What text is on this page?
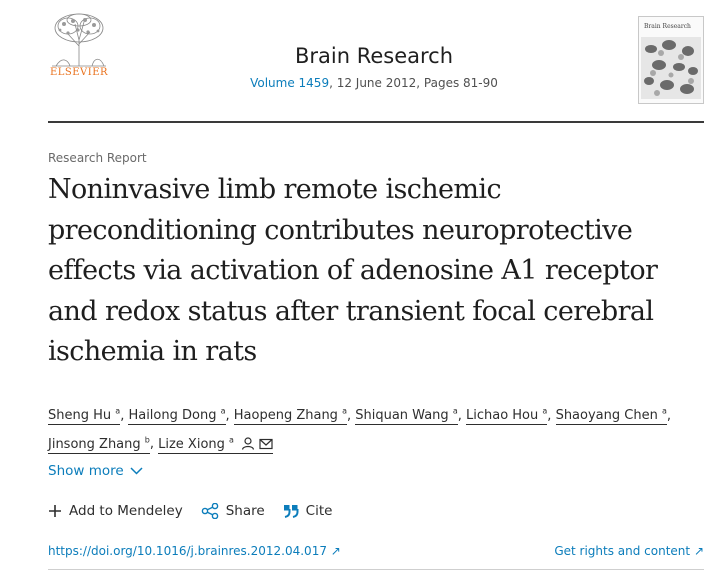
ELSEVIER
Brain Research
Volume 1459, 12 June 2012, Pages 81-90
Brain Research
Research Report
Noninvasive limb remote ischemic preconditioning contributes neuroprotective effects via activation of adenosine A1 receptor and redox status after transient focal cerebral ischemia in rats
Sheng Hu $^a$, Hailong Dong $^a$, Haopeng Zhang $^a$, Shiquan Wang $^a$, Lichao Hou $^a$, Shaoyang Chen $^a$,
Jinsong Zhang $^b$, Lize Xiong $^a$
Show more
Add to Mendeley	Share	Cite
https://doi.org/10.1016/j.brainres.2012.04.017 ↗	Get rights and content ↗
